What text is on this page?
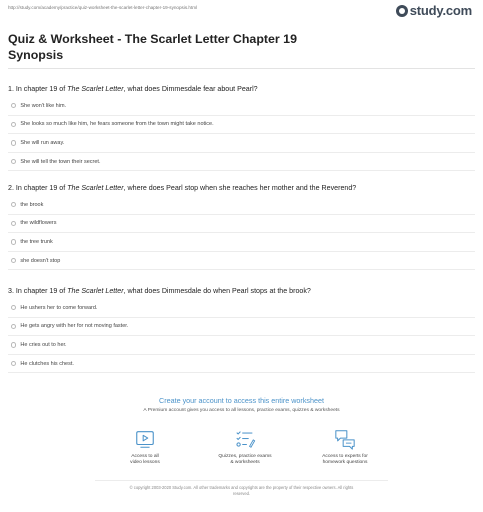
http://study.com/academy/practice/quiz-worksheet-the-scarlet-letter-chapter-19-synopsis.html	study.com
Quiz & Worksheet - The Scarlet Letter Chapter 19
Synopsis
1. In chapter 19 of The Scarlet Letter, what does Dimmesdale fear about Pearl?
She won't like him.
She looks so much like him, he fears someone from the town might take notice.
She will run away.
She will tell the town their secret.
2. In chapter 19 of The Scarlet Letter, where does Pearl stop when she reaches her mother and the Reverend?
the brook
the wildflowers
the tree trunk
she doesn't stop
3. In chapter 19 of The Scarlet Letter, what does Dimmesdale do when Pearl stops at the brook?
He ushers her to come forward.
He gets angry with her for not moving faster.
He cries out to her.
He clutches his chest.
Create your account to access this entire worksheet
A Premium account gives you access to all lessons, practice exams, quizzes & worksheets
Access to all
video lessons
Quizzes, practice exams
& worksheets
Access to experts for
homework questions
© copyright 2003-2020 Study.com. All other trademarks and copyrights are the property of their respective owners. All rights
reserved.
